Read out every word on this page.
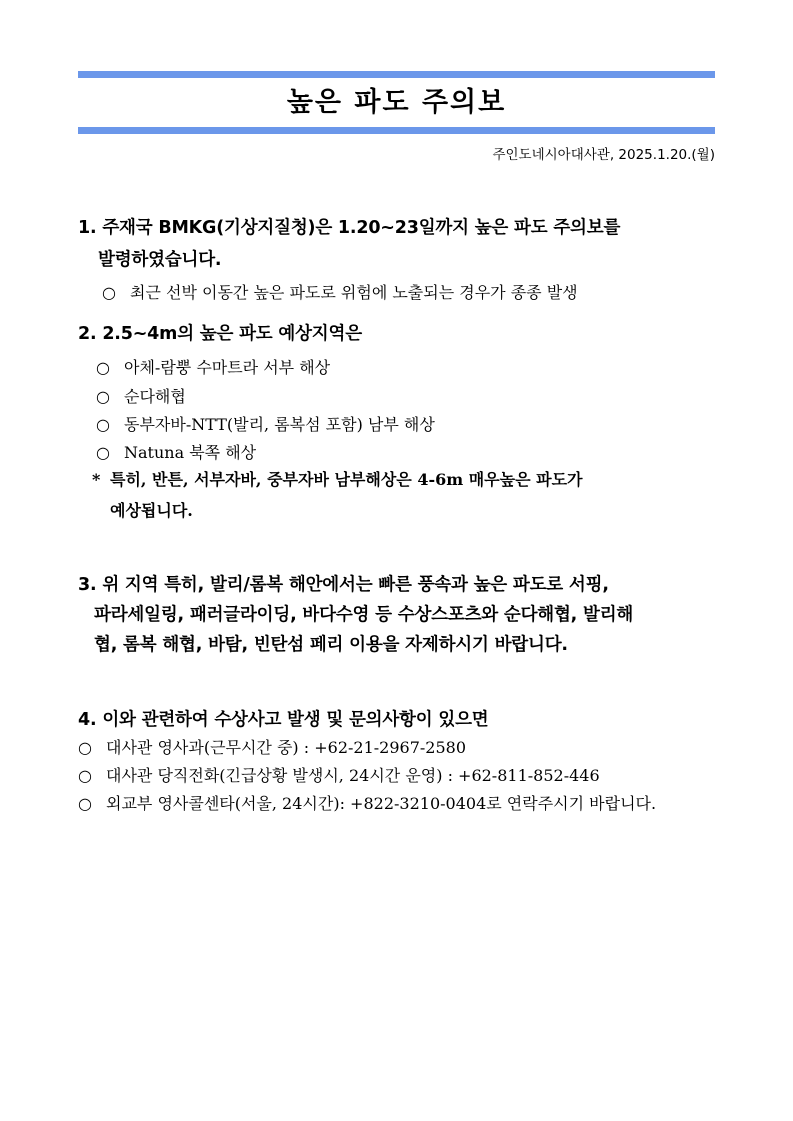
높은 파도 주의보
주인도네시아대사관, 2025.1.20.(월)
1. 주재국 BMKG(기상지질청)은 1.20~23일까지 높은 파도 주의보를
발령하였습니다.
○ 최근 선박 이동간 높은 파도로 위험에 노출되는 경우가 종종 발생
2. 2.5~4m의 높은 파도 예상지역은
○ 아체-람뿡 수마트라 서부 해상
○ 순다해협
○ 동부자바-NTT(발리, 롬복섬 포함) 남부 해상
○ Natuna 북쪽 해상
* 특히, 반튼, 서부자바, 중부자바 남부해상은 4-6m 매우높은 파도가
예상됩니다.
3. 위 지역 특히, 발리/롬복 해안에서는 빠른 풍속과 높은 파도로 서핑,
파라세일링, 패러글라이딩, 바다수영 등 수상스포츠와 순다해협, 발리해
협, 롬복 해협, 바탐, 빈탄섬 페리 이용을 자제하시기 바랍니다.
4. 이와 관련하여 수상사고 발생 및 문의사항이 있으면
○ 대사관 영사과(근무시간 중) : +62-21-2967-2580
○ 대사관 당직전화(긴급상황 발생시, 24시간 운영) : +62-811-852-446
○ 외교부 영사콜센타(서울, 24시간): +822-3210-0404로 연락주시기 바랍니다.
